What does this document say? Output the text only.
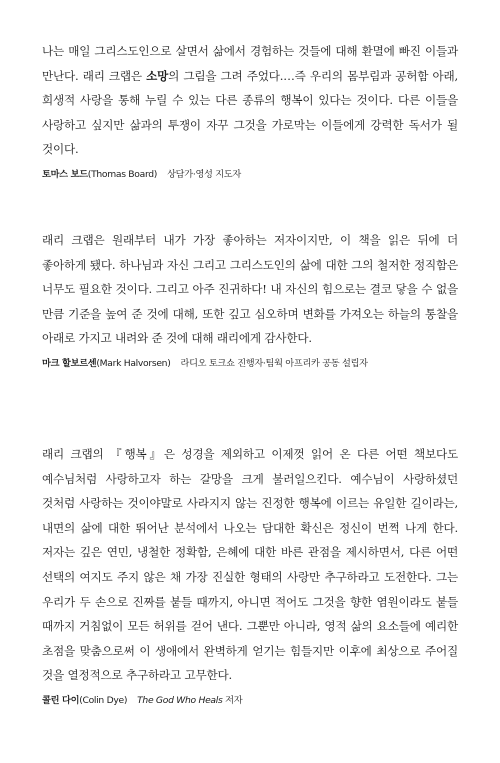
나는 매일 그리스도인으로 살면서 삶에서 경험하는 것들에 대해 환멸에 빠진 이들과 만난다. 래리 크랩은 소망의 그림을 그려 주었다.…즉 우리의 몸부림과 공허함 아래, 희생적 사랑을 통해 누릴 수 있는 다른 종류의 행복이 있다는 것이다. 다른 이들을 사랑하고 싶지만 삶과의 투쟁이 자꾸 그것을 가로막는 이들에게 강력한 독서가 될 것이다.

토마스 보드(Thomas Board) 상담가·영성 지도자

래리 크랩은 원래부터 내가 가장 좋아하는 저자이지만, 이 책을 읽은 뒤에 더 좋아하게 됐다. 하나님과 자신 그리고 그리스도인의 삶에 대한 그의 철저한 정직함은 너무도 필요한 것이다. 그리고 아주 진귀하다! 내 자신의 힘으로는 결코 닿을 수 없을 만큼 기준을 높여 준 것에 대해, 또한 깊고 심오하며 변화를 가져오는 하늘의 통찰을 아래로 가지고 내려와 준 것에 대해 래리에게 감사한다.

마크 할보르센(Mark Halvorsen) 라디오 토크쇼 진행자·팀웍 아프리카 공동 설립자

래리 크랩의 『행복』은 성경을 제외하고 이제껏 읽어 온 다른 어떤 책보다도 예수님처럼 사랑하고자 하는 갈망을 크게 불러일으킨다. 예수님이 사랑하셨던 것처럼 사랑하는 것이야말로 사라지지 않는 진정한 행복에 이르는 유일한 길이라는, 내면의 삶에 대한 뛰어난 분석에서 나오는 담대한 확신은 정신이 번쩍 나게 한다. 저자는 깊은 연민, 냉철한 정확함, 은혜에 대한 바른 관점을 제시하면서, 다른 어떤 선택의 여지도 주지 않은 채 가장 진실한 형태의 사랑만 추구하라고 도전한다. 그는 우리가 두 손으로 진짜를 붙들 때까지, 아니면 적어도 그것을 향한 염원이라도 붙들 때까지 거침없이 모든 허위를 걷어 낸다. 그뿐만 아니라, 영적 삶의 요소들에 예리한 초점을 맞춤으로써 이 생애에서 완벽하게 얻기는 힘들지만 이후에 최상으로 주어질 것을 열정적으로 추구하라고 고무한다.

콜린 다이(Colin Dye) The God Who Heals 저자
